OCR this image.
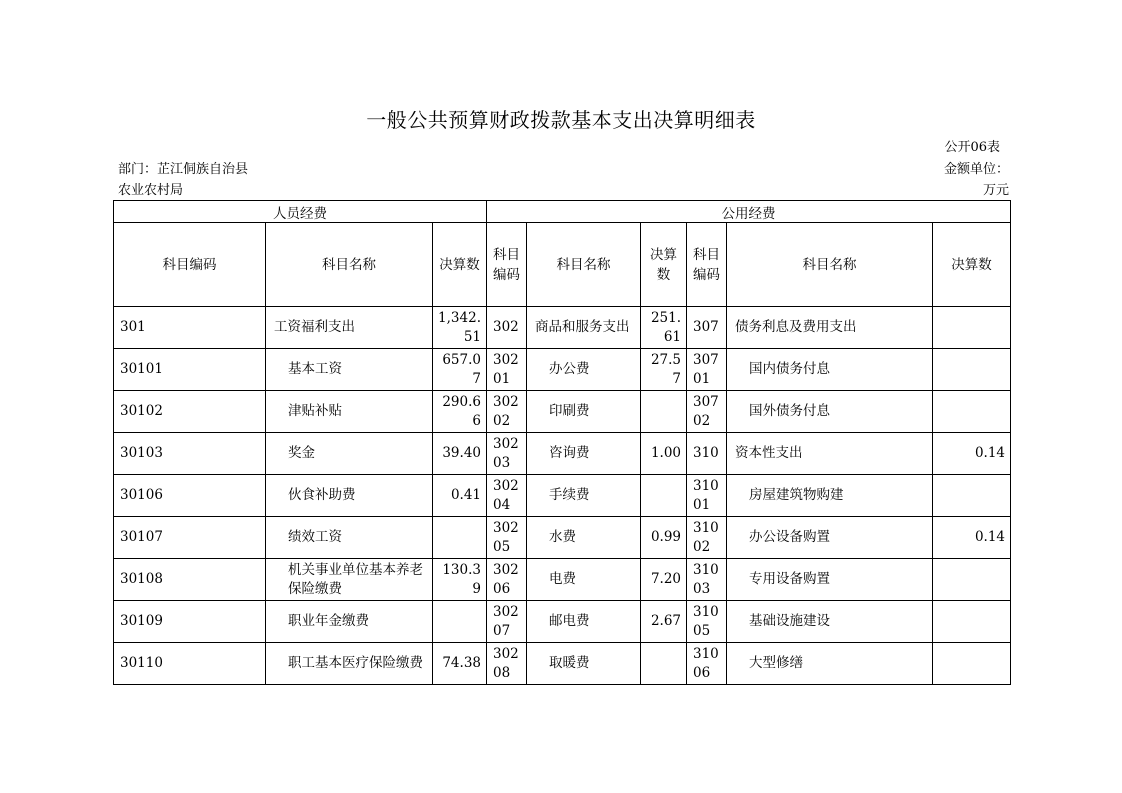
一般公共预算财政拨款基本支出决算明细表
公开06表
部门：芷江侗族自治县
农业农村局
金额单位：
万元
人员经费			公用经费					
科目编码	科目名称	决算数	科目编码	科目名称	决算数	科目编码	科目名称	决算数
301	工资福利支出	1,342.51	302	商品和服务支出	251.61	307	债务利息及费用支出	
30101	基本工资	657.07	30201	办公费	27.57	30701	国内债务付息	
30102	津贴补贴	290.66	30202	印刷费		30702	国外债务付息	
30103	奖金	39.40	30203	咨询费	1.00	310	资本性支出	0.14
30106	伙食补助费	0.41	30204	手续费		31001	房屋建筑物购建	
30107	绩效工资		30205	水费	0.99	31002	办公设备购置	0.14
30108	机关事业单位基本养老保险缴费	130.39	30206	电费	7.20	31003	专用设备购置	
30109	职业年金缴费		30207	邮电费	2.67	31005	基础设施建设	
30110	职工基本医疗保险缴费	74.38	30208	取暖费		31006	大型修缮	
